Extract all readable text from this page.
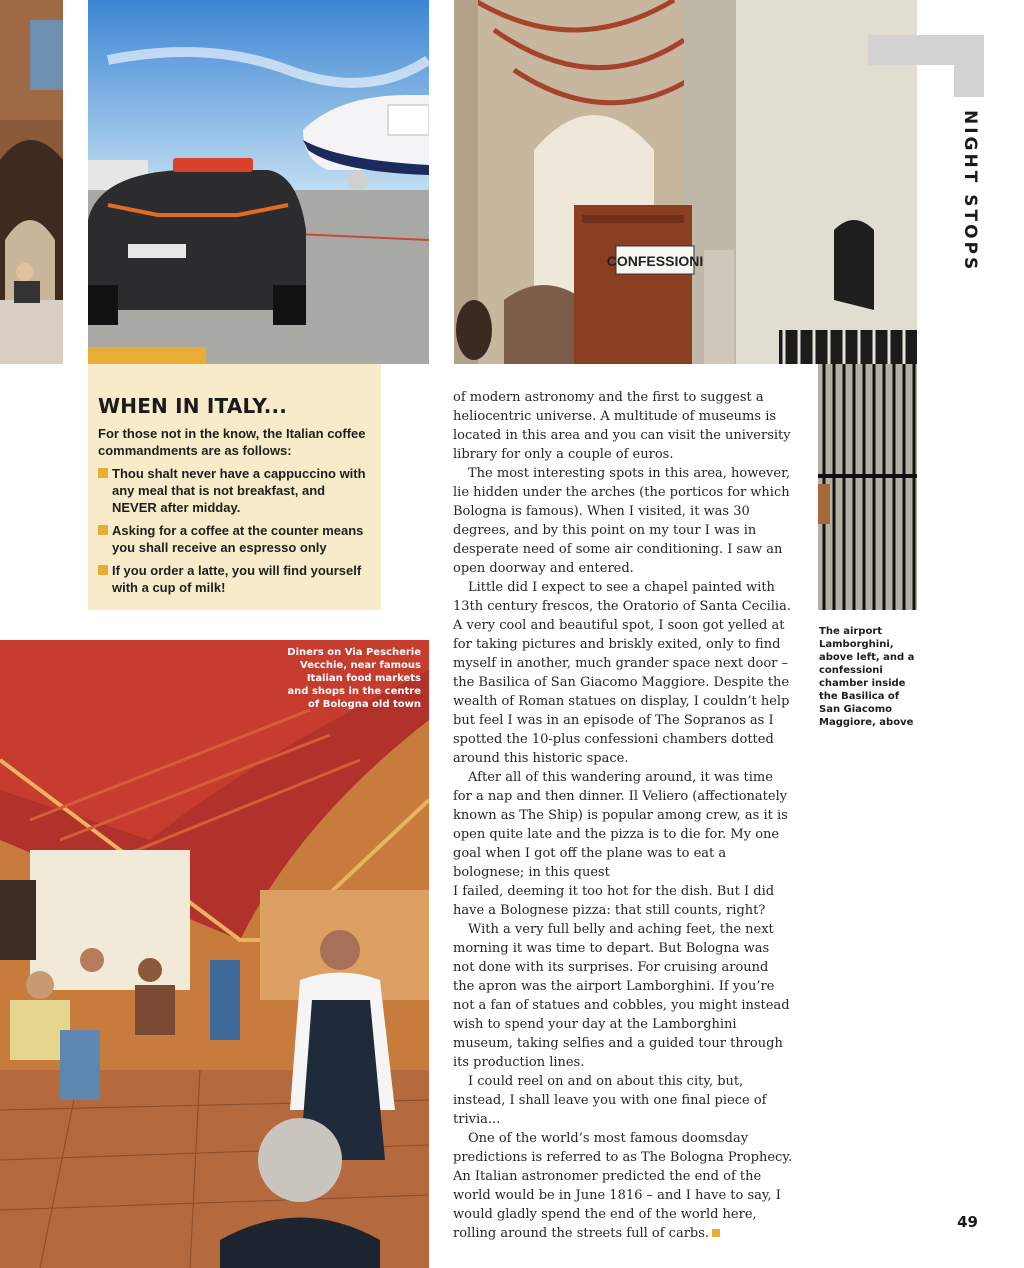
CONFESSIONI	NIGHT STOPS
WHEN IN ITALY...

For those not in the know, the Italian coffee commandments are as follows:

Thou shalt never have a cappuccino with any meal that is not breakfast, and NEVER after midday.
Asking for a coffee at the counter means you shall receive an espresso only
If you order a latte, you will find yourself with a cup of milk!

of modern astronomy and the first to suggest a heliocentric universe. A multitude of museums is located in this area and you can visit the university library for only a couple of euros.

The most interesting spots in this area, however, lie hidden under the arches (the porticos for which Bologna is famous). When I visited, it was 30 degrees, and by this point on my tour I was in desperate need of some air conditioning. I saw an open doorway and entered.

Little did I expect to see a chapel painted with 13th century frescos, the Oratorio of Santa Cecilia. A very cool and beautiful spot, I soon got yelled at for taking pictures and briskly exited, only to find myself in another, much grander space next door – the Basilica of San Giacomo Maggiore. Despite the wealth of Roman statues on display, I couldn’t help but feel I was in an episode of The Sopranos as I spotted the 10-plus confessioni chambers dotted around this historic space.

After all of this wandering around, it was time for a nap and then dinner. Il Veliero (affectionately known as The Ship) is popular among crew, as it is open quite late and the pizza is to die for. My one goal when I got off the plane was to eat a bolognese; in this quest

I failed, deeming it too hot for the dish. But I did have a Bolognese pizza: that still counts, right?

With a very full belly and aching feet, the next morning it was time to depart. But Bologna was not done with its surprises. For cruising around the apron was the airport Lamborghini. If you’re not a fan of statues and cobbles, you might instead wish to spend your day at the Lamborghini museum, taking selfies and a guided tour through its production lines.

I could reel on and on about this city, but, instead, I shall leave you with one final piece of trivia...

One of the world’s most famous doomsday predictions is referred to as The Bologna Prophecy. An Italian astronomer predicted the end of the world would be in June 1816 – and I have to say, I would gladly spend the end of the world here, rolling around the streets full of carbs.

The airport Lamborghini, above left, and a confessioni chamber inside the Basilica of San Giacomo Maggiore, above
Diners on Via Pescherie Vecchie, near famous Italian food markets and shops in the centre of Bologna old town
49
